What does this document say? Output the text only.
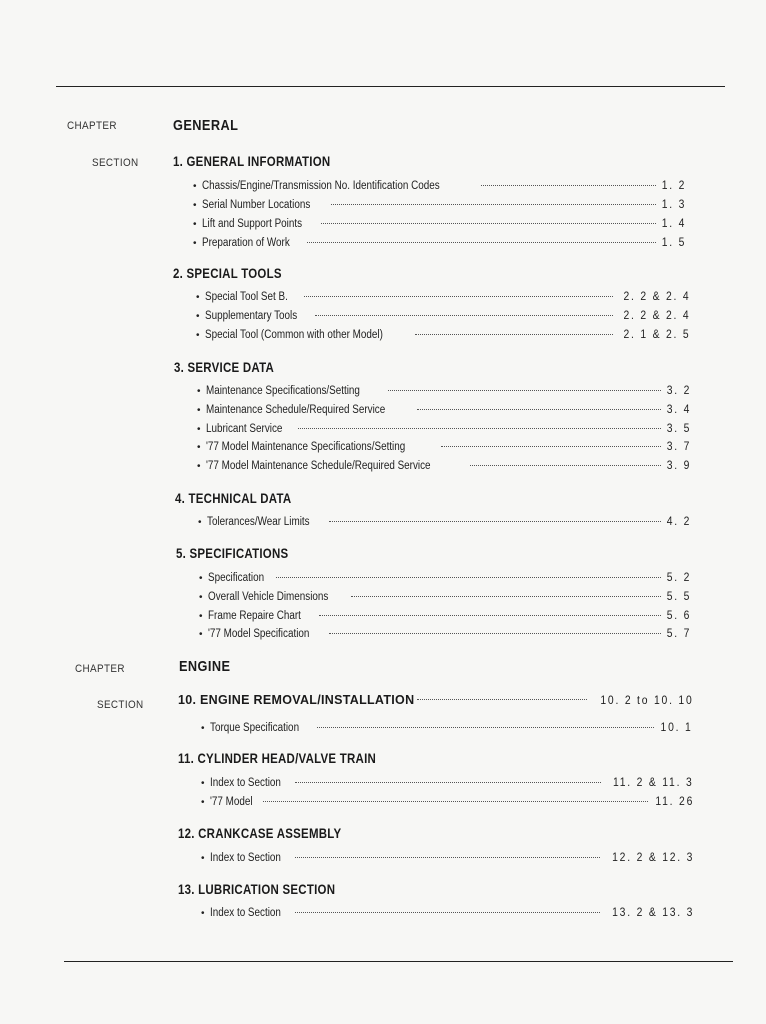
CHAPTER	GENERAL
SECTION 1. GENERAL INFORMATION
• Chassis/Engine/Transmission No. Identification Codes	1. 2
• Serial Number Locations	1. 3
• Lift and Support Points	1. 4
• Preparation of Work	1. 5
2. SPECIAL TOOLS
• Special Tool Set B.	2. 2 & 2. 4
• Supplementary Tools	2. 2 & 2. 4
• Special Tool (Common with other Model)	2. 1 & 2. 5
3. SERVICE DATA
• Maintenance Specifications/Setting	3. 2
• Maintenance Schedule/Required Service	3. 4
• Lubricant Service	3. 5
• '77 Model Maintenance Specifications/Setting	3. 7
• '77 Model Maintenance Schedule/Required Service	3. 9
4. TECHNICAL DATA
• Tolerances/Wear Limits	4. 2
5. SPECIFICATIONS
• Specification	5. 2
• Overall Vehicle Dimensions	5. 5
• Frame Repaire Chart	5. 6
• '77 Model Specification	5. 7
CHAPTER	ENGINE
SECTION	10. ENGINE REMOVAL/INSTALLATION	10. 2 to 10. 10
• Torque Specification	10. 1
11. CYLINDER HEAD/VALVE TRAIN
• Index to Section	11. 2 & 11. 3
• '77 Model	11. 26
12. CRANKCASE ASSEMBLY
• Index to Section	12. 2 & 12. 3
13. LUBRICATION SECTION
• Index to Section	13. 2 & 13. 3
